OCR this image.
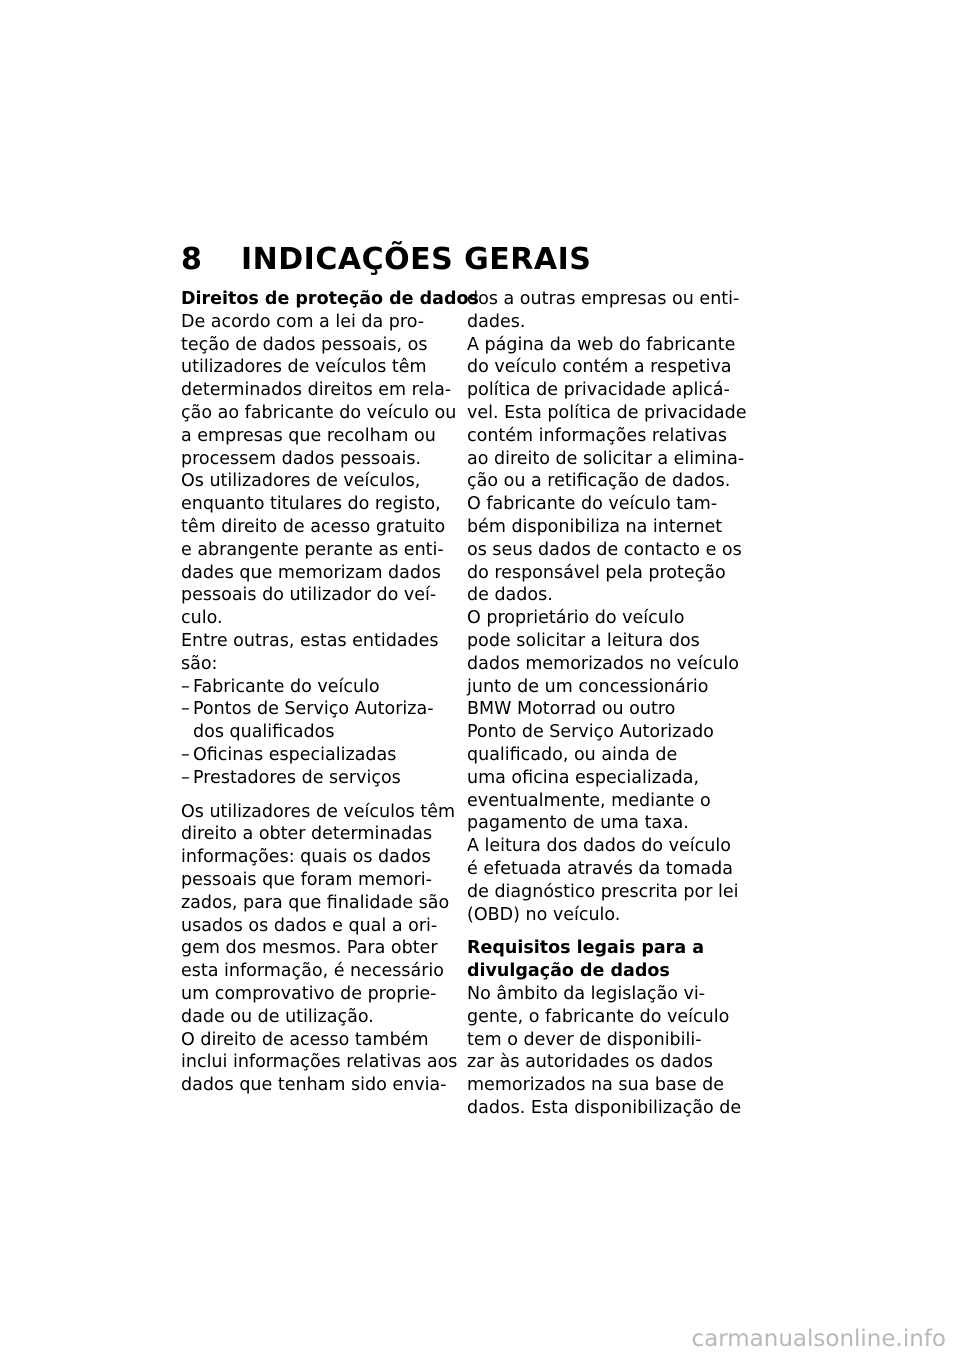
8 INDICAÇÕES GERAIS
Direitos de proteção de dados

De acordo com a lei da pro-

teção de dados pessoais, os

utilizadores de veículos têm

determinados direitos em rela-

ção ao fabricante do veículo ou

a empresas que recolham ou

processem dados pessoais.

Os utilizadores de veículos,

enquanto titulares do registo,

têm direito de acesso gratuito

e abrangente perante as enti-

dades que memorizam dados

pessoais do utilizador do veí-

culo.

Entre outras, estas entidades

são:

– Fabricante do veículo
– Pontos de Serviço Autoriza-
dos qualificados
– Oficinas especializadas
– Prestadores de serviços

Os utilizadores de veículos têm

direito a obter determinadas

informações: quais os dados

pessoais que foram memori-

zados, para que finalidade são

usados os dados e qual a ori-

gem dos mesmos. Para obter

esta informação, é necessário

um comprovativo de proprie-

dade ou de utilização.

O direito de acesso também

inclui informações relativas aos

dados que tenham sido envia-

dos a outras empresas ou enti-

dades.

A página da web do fabricante

do veículo contém a respetiva

política de privacidade aplicá-

vel. Esta política de privacidade

contém informações relativas

ao direito de solicitar a elimina-

ção ou a retificação de dados.

O fabricante do veículo tam-

bém disponibiliza na internet

os seus dados de contacto e os

do responsável pela proteção

de dados.

O proprietário do veículo

pode solicitar a leitura dos

dados memorizados no veículo

junto de um concessionário

BMW Motorrad ou outro

Ponto de Serviço Autorizado

qualificado, ou ainda de

uma oficina especializada,

eventualmente, mediante o

pagamento de uma taxa.

A leitura dos dados do veículo

é efetuada através da tomada

de diagnóstico prescrita por lei

(OBD) no veículo.

Requisitos legais para a
divulgação de dados

No âmbito da legislação vi-

gente, o fabricante do veículo

tem o dever de disponibili-

zar às autoridades os dados

memorizados na sua base de

dados. Esta disponibilização de

carmanualsonline.info
